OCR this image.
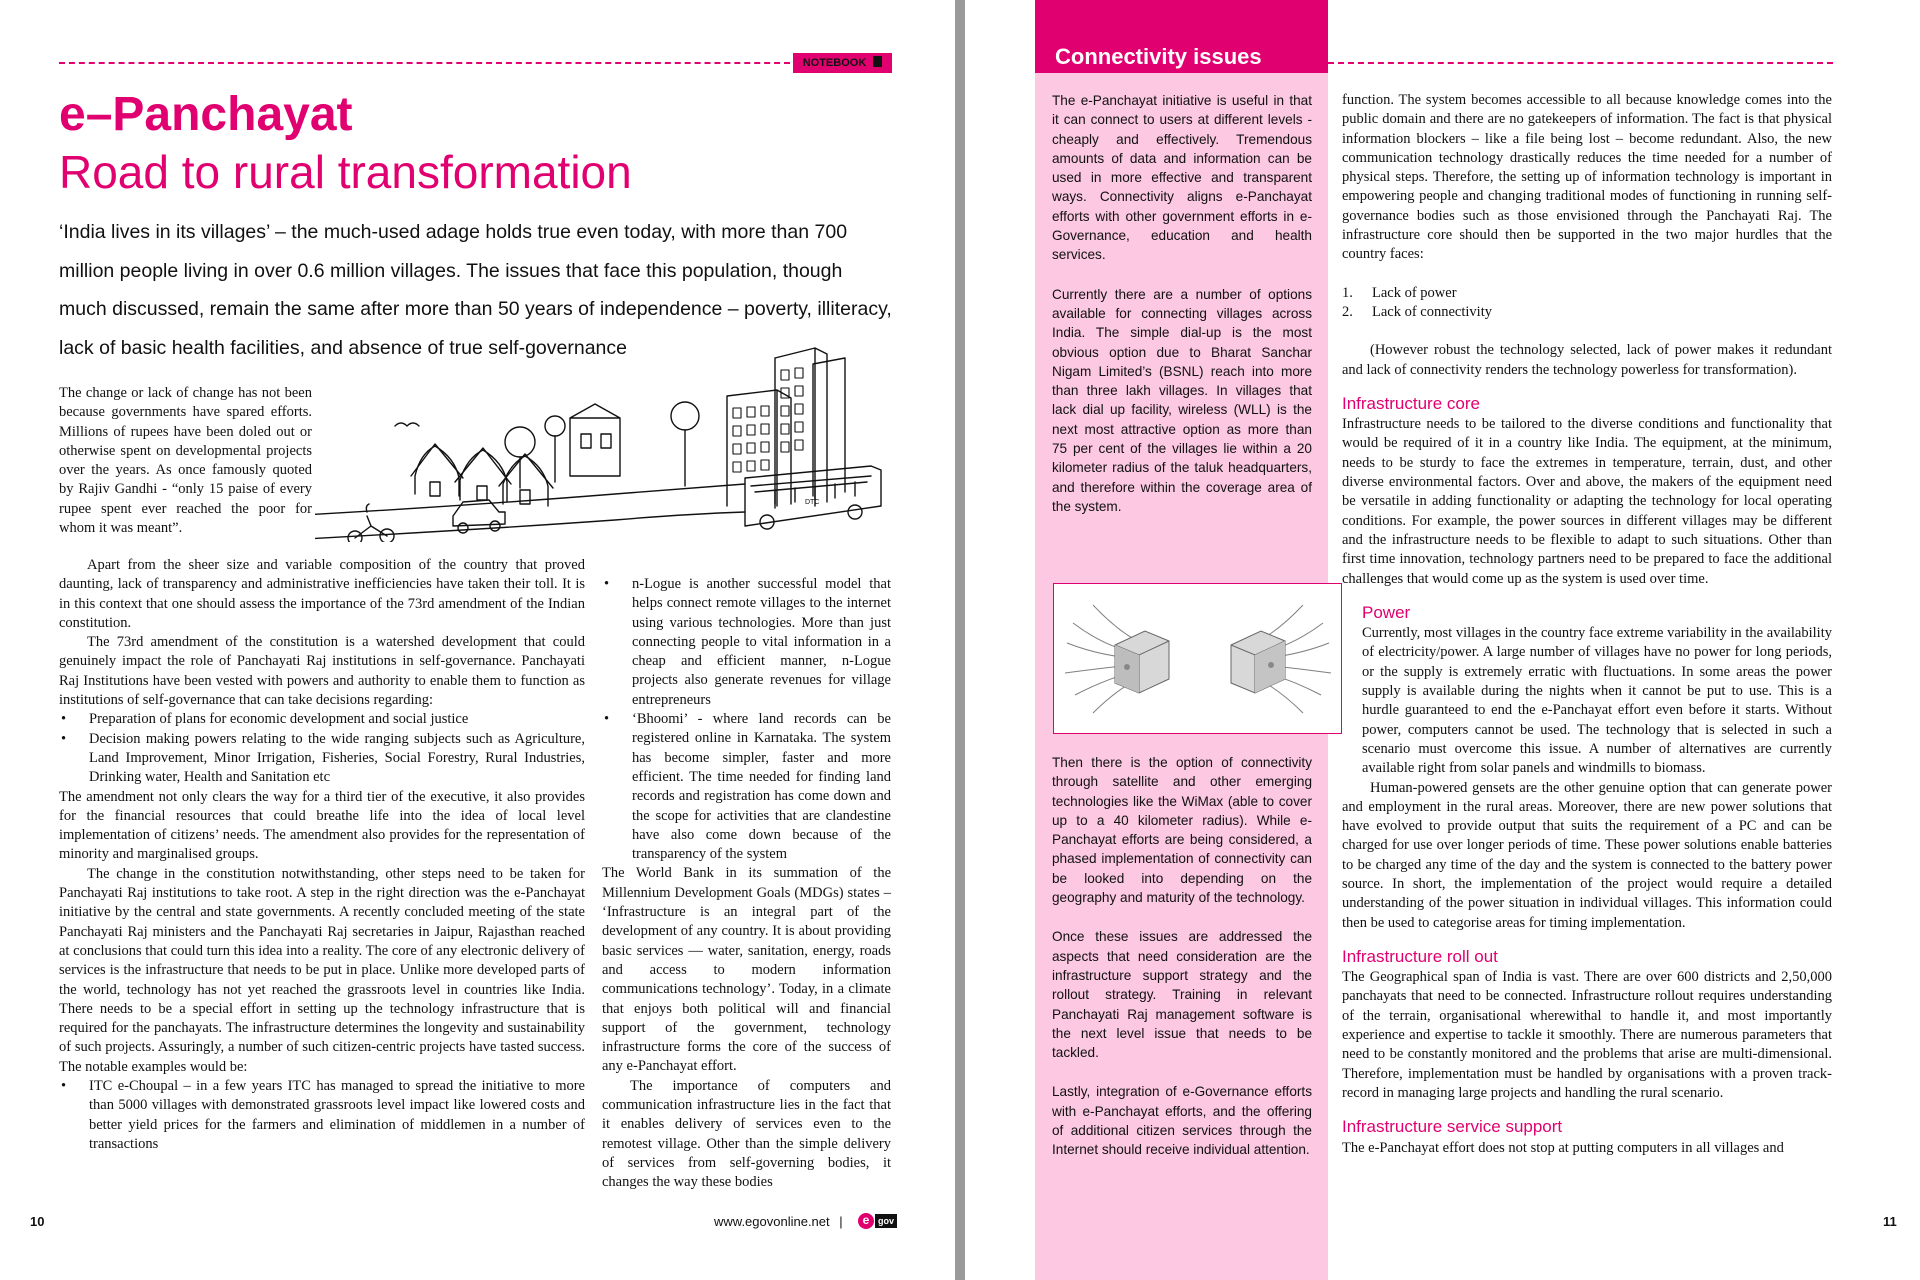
NOTEBOOK
e–Panchayat
Road to rural transformation
‘India lives in its villages’ – the much-used adage holds true even today, with more than 700 million people living in over 0.6 million villages. The issues that face this population, though much discussed, remain the same after more than 50 years of independence – poverty, illiteracy, lack of basic health facilities, and absence of true self-governance
The change or lack of change has not been because governments have spared efforts. Millions of rupees have been doled out or otherwise spent on developmental projects over the years. As once famously quoted by Rajiv Gandhi - “only 15 paise of every rupee spent ever reached the poor for whom it was meant”.
DTC

Apart from the sheer size and variable composition of the country that proved daunting, lack of transparency and administrative inefficiencies have taken their toll. It is in this context that one should assess the importance of the 73rd amendment of the Indian constitution.

The 73rd amendment of the constitution is a watershed development that could genuinely impact the role of Panchayati Raj institutions in self-governance. Panchayati Raj Institutions have been vested with powers and authority to enable them to function as institutions of self-governance that can take decisions regarding:

• Preparation of plans for economic development and social justice
• Decision making powers relating to the wide ranging subjects such as Agriculture, Land Improvement, Minor Irrigation, Fisheries, Social Forestry, Rural Industries, Drinking water, Health and Sanitation etc

The amendment not only clears the way for a third tier of the executive, it also provides for the financial resources that could breathe life into the idea of local level implementation of citizens’ needs. The amendment also provides for the representation of minority and marginalised groups.

The change in the constitution notwithstanding, other steps need to be taken for Panchayati Raj institutions to take root. A step in the right direction was the e-Panchayat initiative by the central and state governments. A recently concluded meeting of the state Panchayati Raj ministers and the Panchayati Raj secretaries in Jaipur, Rajasthan reached at conclusions that could turn this idea into a reality. The core of any electronic delivery of services is the infrastructure that needs to be put in place. Unlike more developed parts of the world, technology has not yet reached the grassroots level in countries like India. There needs to be a special effort in setting up the technology infrastructure that is required for the panchayats. The infrastructure determines the longevity and sustainability of such projects. Assuringly, a number of such citizen-centric projects have tasted success. The notable examples would be:

• ITC e-Choupal – in a few years ITC has managed to spread the initiative to more than 5000 villages with demonstrated grassroots level impact like lowered costs and better yield prices for the farmers and elimination of middlemen in a number of transactions
• n-Logue is another successful model that helps connect remote villages to the internet using various technologies. More than just connecting people to vital information in a cheap and efficient manner, n-Logue projects also generate revenues for village entrepreneurs
• ‘Bhoomi’ - where land records can be registered online in Karnataka. The system has become simpler, faster and more efficient. The time needed for finding land records and registration has come down and the scope for activities that are clandestine have also come down because of the transparency of the system

The World Bank in its summation of the Millennium Development Goals (MDGs) states – ‘Infrastructure is an integral part of the development of any country. It is about providing basic services — water, sanitation, energy, roads and access to modern information communications technology’. Today, in a climate that enjoys both political will and financial support of the government, technology infrastructure forms the core of the success of any e-Panchayat effort.

The importance of computers and communication infrastructure lies in the fact that it enables delivery of services even to the remotest village. Other than the simple delivery of services from self-governing bodies, it changes the way these bodies

10	www.egovonline.net |	e gov
Connectivity issues

The e-Panchayat initiative is useful in that it can connect to users at different levels - cheaply and effectively. Tremendous amounts of data and information can be used in more effective and transparent ways. Connectivity aligns e-Panchayat efforts with other government efforts in e-Governance, education and health services.

Currently there are a number of options available for connecting villages across India. The simple dial-up is the most obvious option due to Bharat Sanchar Nigam Limited’s (BSNL) reach into more than three lakh villages. In villages that lack dial up facility, wireless (WLL) is the next most attractive option as more than 75 per cent of the villages lie within a 20 kilometer radius of the taluk headquarters, and therefore within the coverage area of the system.

Then there is the option of connectivity through satellite and other emerging technologies like the WiMax (able to cover up to a 40 kilometer radius). While e-Panchayat efforts are being considered, a phased implementation of connectivity can be looked into depending on the geography and maturity of the technology.

Once these issues are addressed the aspects that need consideration are the infrastructure support strategy and the rollout strategy. Training in relevant Panchayati Raj management software is the next level issue that needs to be tackled.

Lastly, integration of e-Governance efforts with e-Panchayat efforts, and the offering of additional citizen services through the Internet should receive individual attention.

function. The system becomes accessible to all because knowledge comes into the public domain and there are no gatekeepers of information. The fact is that physical information blockers – like a file being lost – become redundant. Also, the new communication technology drastically reduces the time needed for a number of physical steps. Therefore, the setting up of information technology is important in empowering people and changing traditional modes of functioning in running self-governance bodies such as those envisioned through the Panchayati Raj. The infrastructure core should then be supported in the two major hurdles that the country faces:

1.	Lack of power
2.	Lack of connectivity

(However robust the technology selected, lack of power makes it redundant and lack of connectivity renders the technology powerless for transformation).

Infrastructure core

Infrastructure needs to be tailored to the diverse conditions and functionality that would be required of it in a country like India. The equipment, at the minimum, needs to be sturdy to face the extremes in temperature, terrain, dust, and other diverse environmental factors. Over and above, the makers of the equipment need be versatile in adding functionality or adapting the technology for local operating conditions. For example, the power sources in different villages may be different and the infrastructure needs to be flexible to adapt to such situations. Other than first time innovation, technology partners need to be prepared to face the additional challenges that would come up as the system is used over time.

Power

Currently, most villages in the country face extreme variability in the availability of electricity/power. A large number of villages have no power for long periods, or the supply is extremely erratic with fluctuations. In some areas the power supply is available during the nights when it cannot be put to use. This is a hurdle guaranteed to end the e-Panchayat effort even before it starts. Without power, computers cannot be used. The technology that is selected in such a scenario must overcome this issue. A number of alternatives are currently available right from solar panels and windmills to biomass.

Human-powered gensets are the other genuine option that can generate power and employment in the rural areas. Moreover, there are new power solutions that have evolved to provide output that suits the requirement of a PC and can be charged for use over longer periods of time. These power solutions enable batteries to be charged any time of the day and the system is connected to the battery power source. In short, the implementation of the project would require a detailed understanding of the power situation in individual villages. This information could then be used to categorise areas for timing implementation.

Infrastructure roll out

The Geographical span of India is vast. There are over 600 districts and 2,50,000 panchayats that need to be connected. Infrastructure rollout requires understanding of the terrain, organisational wherewithal to handle it, and most importantly experience and expertise to tackle it smoothly. There are numerous parameters that need to be constantly monitored and the problems that arise are multi-dimensional. Therefore, implementation must be handled by organisations with a proven track-record in managing large projects and handling the rural scenario.

Infrastructure service support

The e-Panchayat effort does not stop at putting computers in all villages and

11
